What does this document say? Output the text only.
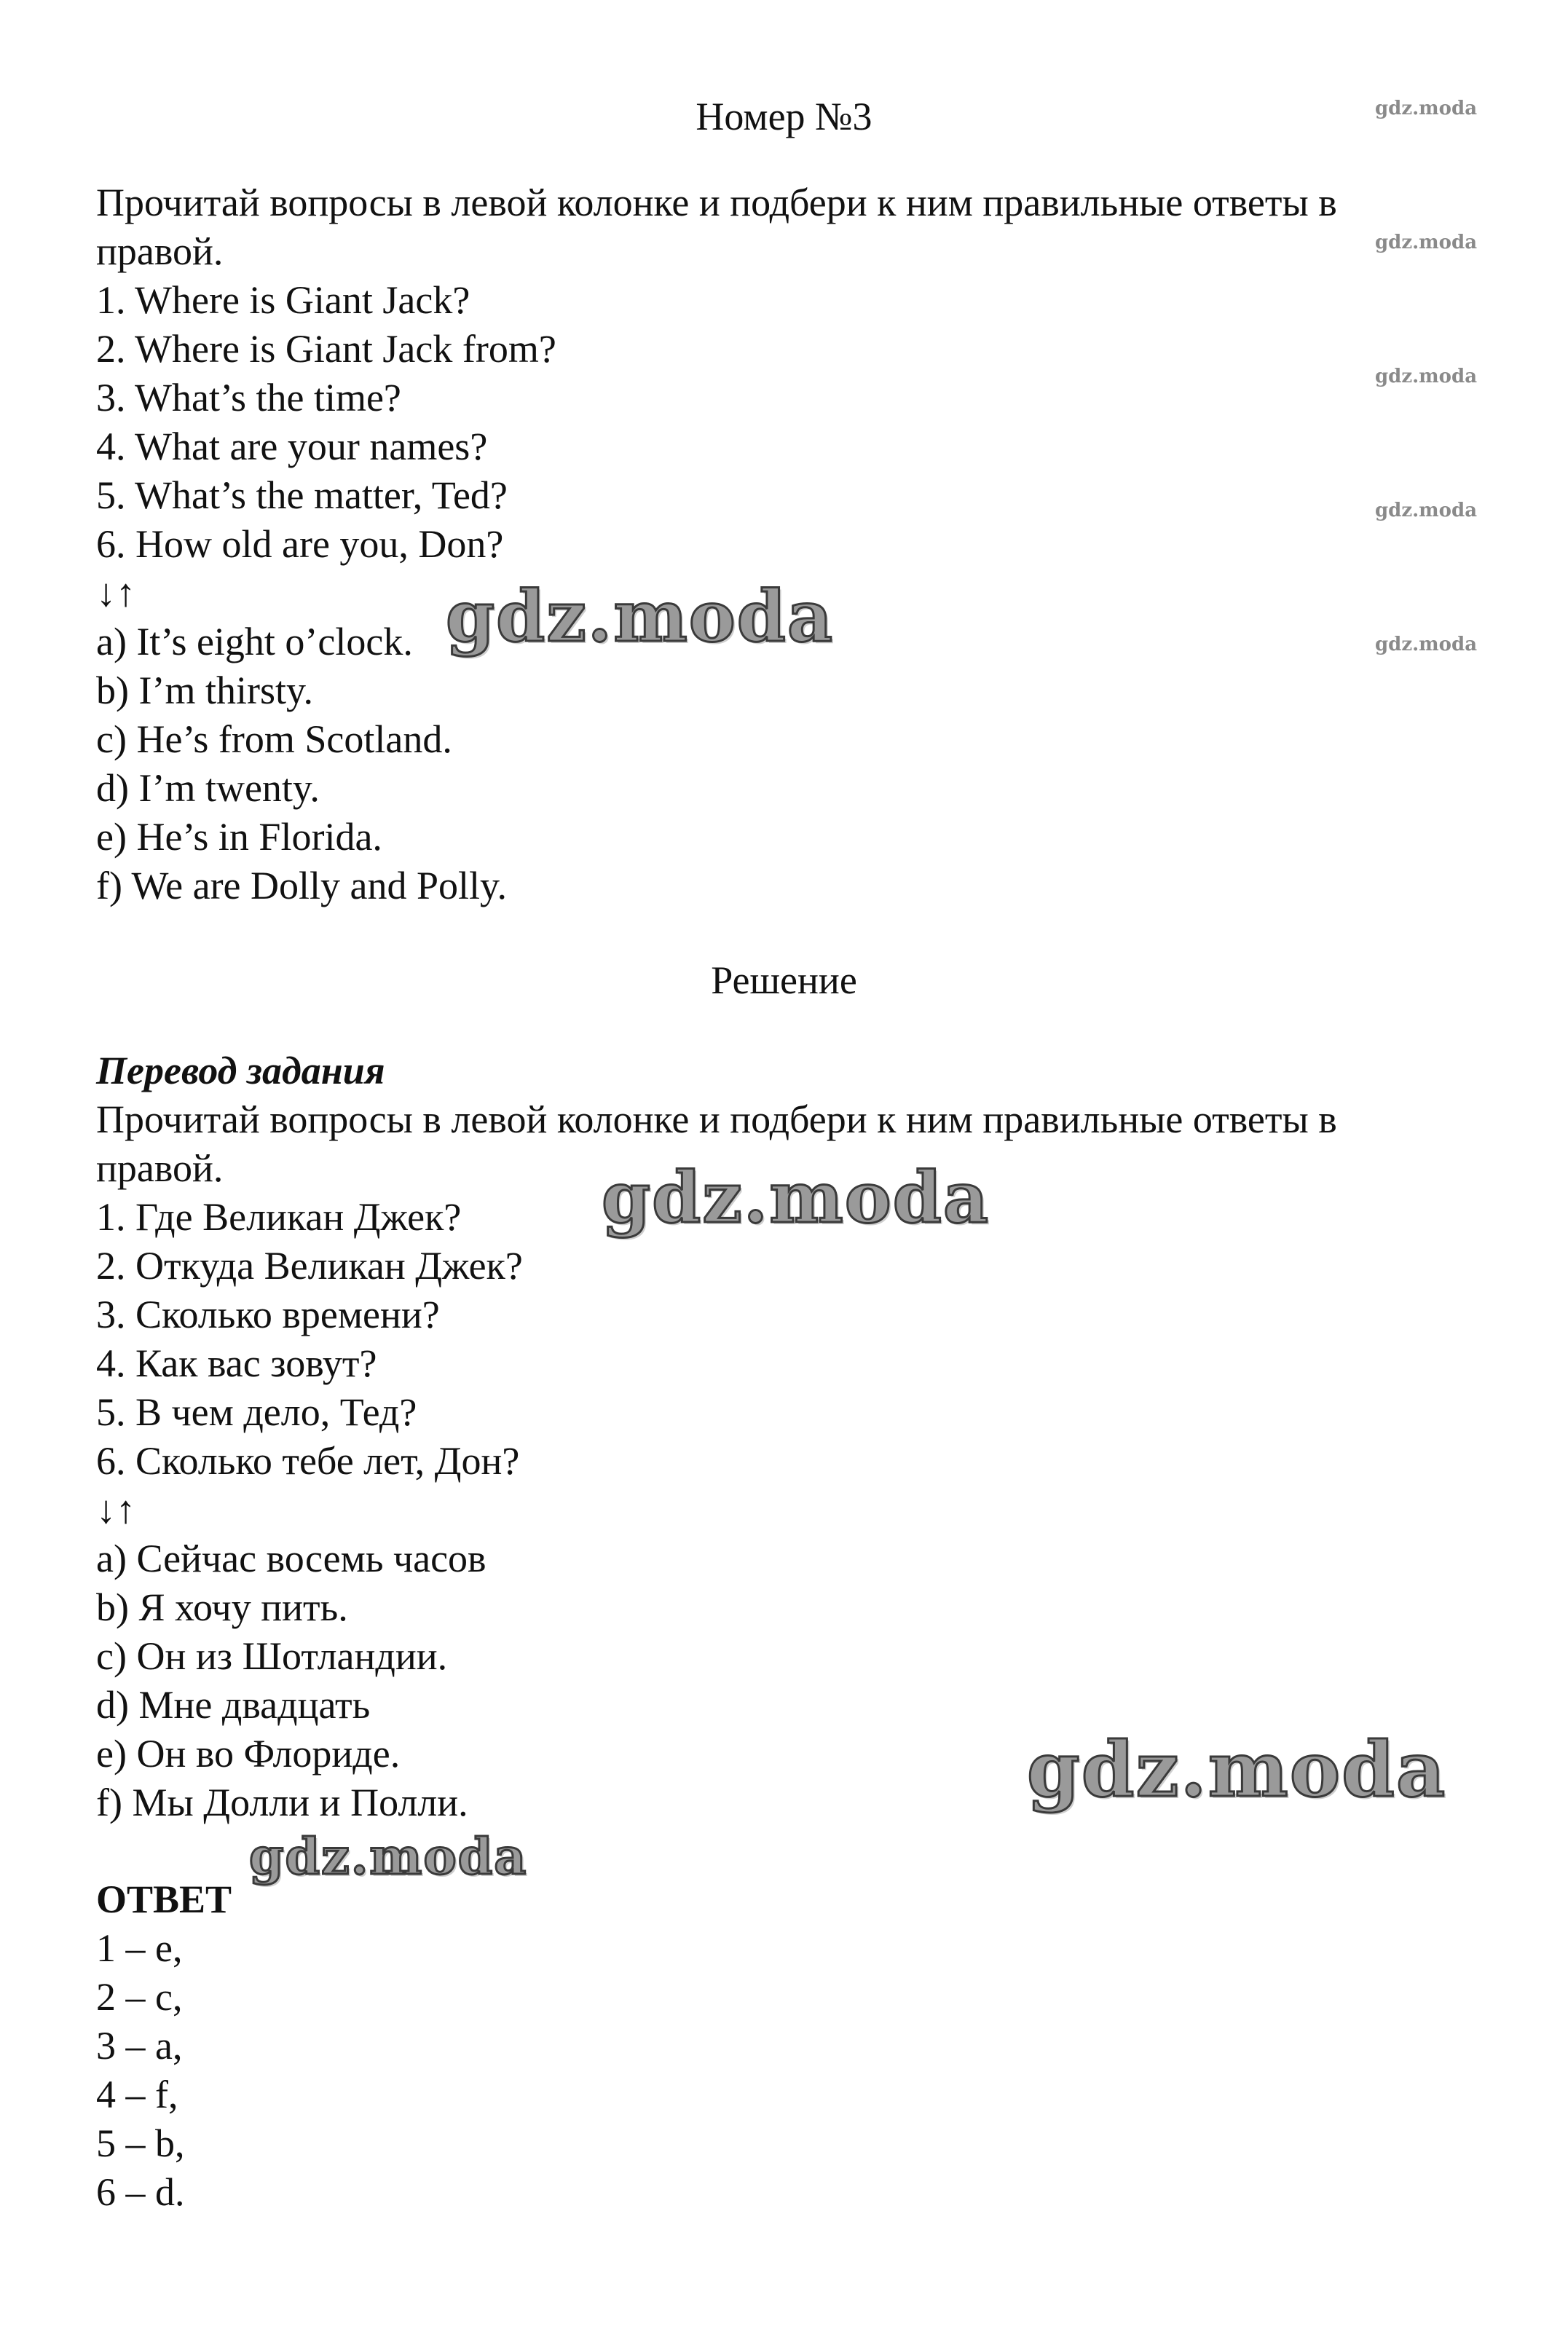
Номер №3
Прочитай вопросы в левой колонке и подбери к ним правильные ответы в
правой.
1. Where is Giant Jack?
2. Where is Giant Jack from?
3. What’s the time?
4. What are your names?
5. What’s the matter, Ted?
6. How old are you, Don?
↓↑
a) It’s eight o’clock.
b) I’m thirsty.
c) He’s from Scotland.
d) I’m twenty.
e) He’s in Florida.
f) We are Dolly and Polly.
Решение
Перевод задания
Прочитай вопросы в левой колонке и подбери к ним правильные ответы в
правой.
1. Где Великан Джек?
2. Откуда Великан Джек?
3. Сколько времени?
4. Как вас зовут?
5. В чем дело, Тед?
6. Сколько тебе лет, Дон?
↓↑
a) Сейчас восемь часов
b) Я хочу пить.
c) Он из Шотландии.
d) Мне двадцать
e) Он во Флориде.
f) Мы Долли и Полли.
ОТВЕТ
1 – e,
2 – c,
3 – a,
4 – f,
5 – b,
6 – d.
gdz.moda
gdz.moda
gdz.moda
gdz.moda
gdz.moda
gdz.moda
gdz.moda
gdz.moda
gdz.moda
